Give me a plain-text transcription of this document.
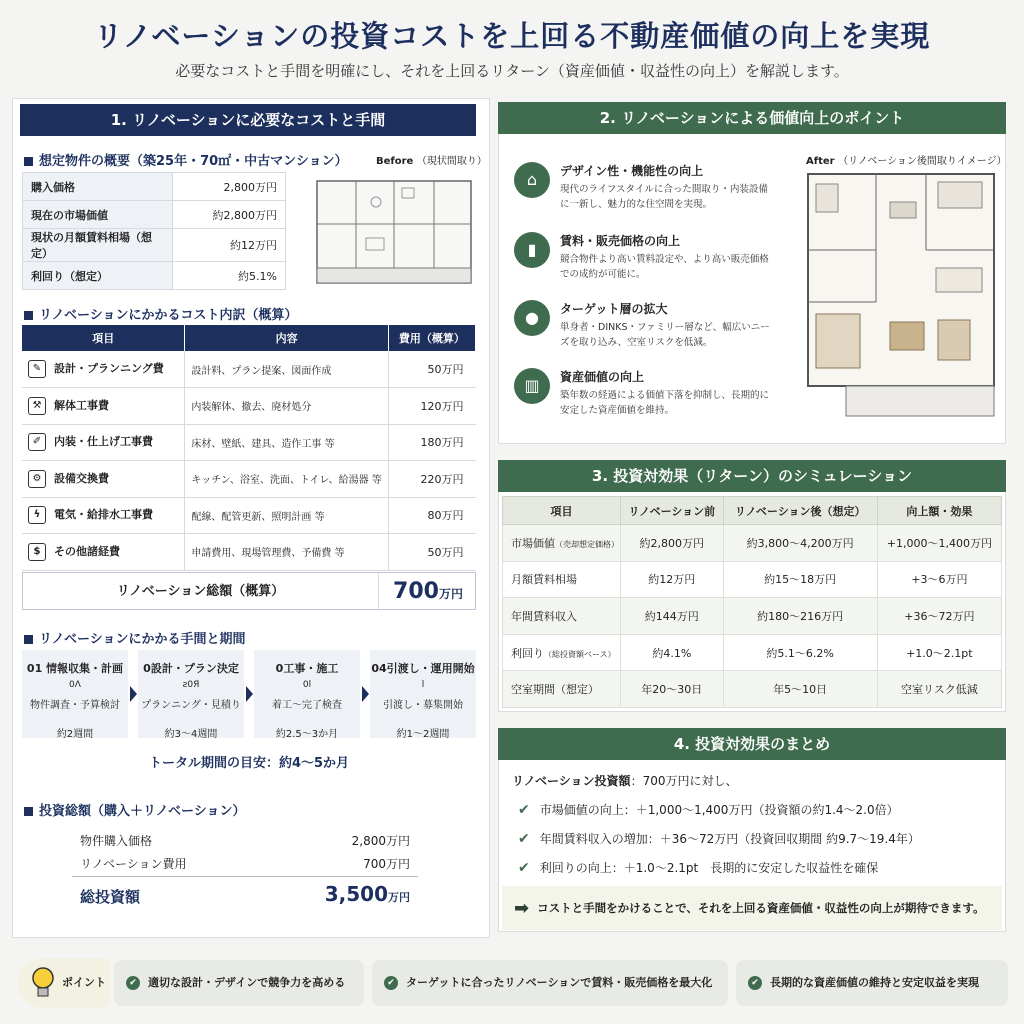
リノベーションの投資コストを上回る不動産価値の向上を実現
必要なコストと手間を明確にし、それを上回るリターン（資産価値・収益性の向上）を解説します。
1. リノベーションに必要なコストと手間
想定物件の概要（築25年・70㎡・中古マンション）
購入価格	2,800万円
現在の市場価値	約2,800万円
現状の月額賃料相場（想定）	約12万円
利回り（想定）	約5.1%
Before （現状間取り）
リノベーションにかかるコスト内訳（概算）
項目	内容	費用（概算）
✎ 設計・プランニング費	設計料、プラン提案、図面作成	50万円
⚒ 解体工事費	内装解体、撤去、廃材処分	120万円
✐ 内装・仕上げ工事費	床材、壁紙、建具、造作工事 等	180万円
⚙ 設備交換費	キッチン、浴室、洗面、トイレ、給湯器 等	220万円
ϟ 電気・給排水工事費	配線、配管更新、照明計画 等	80万円
$ その他諸経費	申請費用、現場管理費、予備費 等	50万円
リノベーション総額（概算）	700万円
リノベーションにかかる手間と期間
01 情報収集・計画
0Λ
物件調査・予算検討
約2週間
0設計・プラン決定
ƨ0Я
プランニング・見積り
約3〜4週間
0工事・施工
0l
着工〜完了検査
約2.5〜3か月
04引渡し・運用開始
l
引渡し・募集開始
約1〜2週間
トータル期間の目安：約4〜5か月
投資総額（購入＋リノベーション）
物件購入価格	2,800万円
リノベーション費用	700万円
総投資額	3,500万円
2. リノベーションによる価値向上のポイント
⌂	デザイン性・機能性の向上
現代のライフスタイルに合った間取り・内装設備に一新し、魅力的な住空間を実現。
▮	賃料・販売価格の向上
競合物件より高い賃料設定や、より高い販売価格での成約が可能に。
●	ターゲット層の拡大
単身者・DINKS・ファミリー層など、幅広いニーズを取り込み、空室リスクを低減。
▥	資産価値の向上
築年数の経過による価値下落を抑制し、長期的に安定した資産価値を維持。
After （リノベーション後間取りイメージ）
3. 投資対効果（リターン）のシミュレーション
項目	リノベーション前	リノベーション後（想定）	向上額・効果
市場価値（売却想定価格）	約2,800万円	約3,800〜4,200万円	+1,000〜1,400万円
月額賃料相場	約12万円	約15〜18万円	+3〜6万円
年間賃料収入	約144万円	約180〜216万円	+36〜72万円
利回り（総投資額ベース）	約4.1%	約5.1〜6.2%	+1.0〜2.1pt
空室期間（想定）	年20〜30日	年5〜10日	空室リスク低減
4. 投資対効果のまとめ
リノベーション投資額：700万円に対し、
✔ 市場価値の向上：＋1,000〜1,400万円（投資額の約1.4〜2.0倍）
✔ 年間賃料収入の増加：＋36〜72万円（投資回収期間 約9.7〜19.4年）
✔ 利回りの向上：＋1.0〜2.1pt　長期的に安定した収益性を確保
➡ コストと手間をかけることで、それを上回る資産価値・収益性の向上が期待できます。
ポイント	✔ 適切な設計・デザインで競争力を高める	✔ ターゲットに合ったリノベーションで賃料・販売価格を最大化	✔ 長期的な資産価値の維持と安定収益を実現
